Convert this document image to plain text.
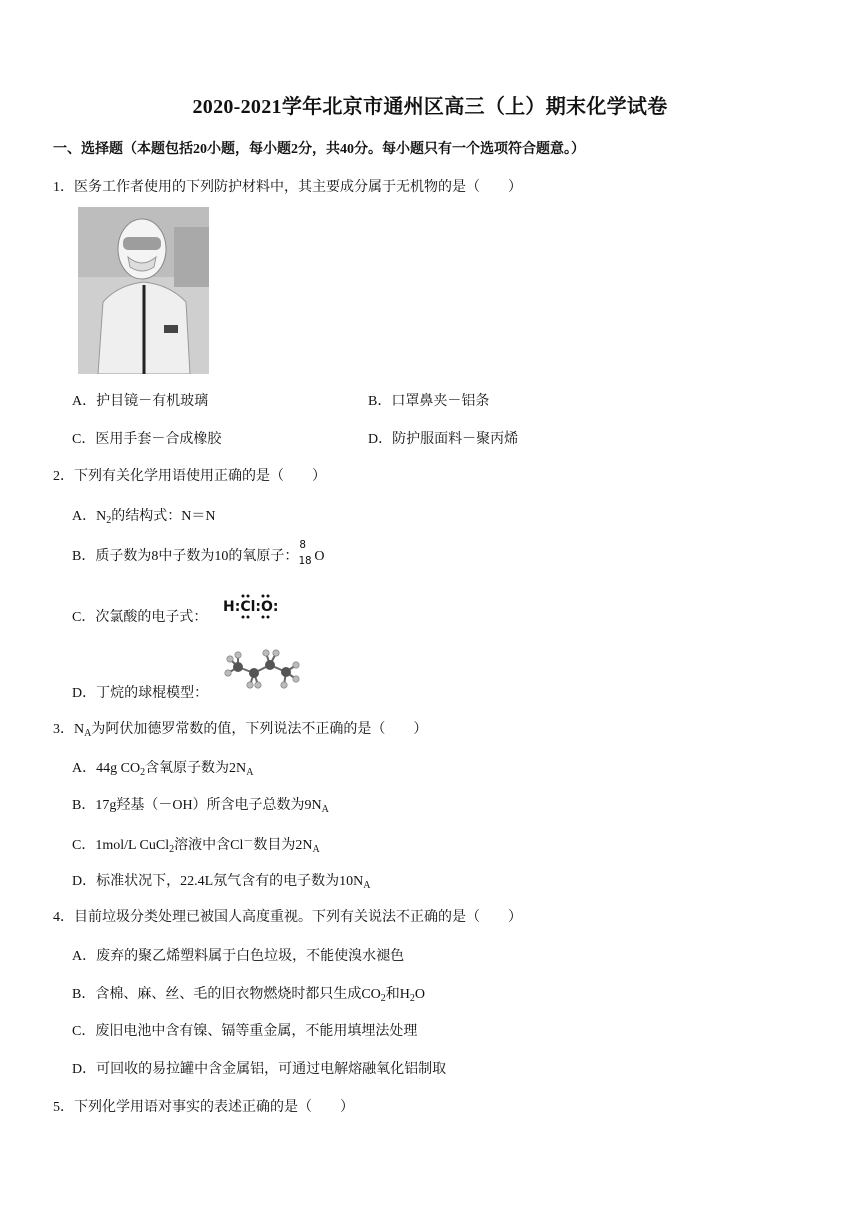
2020-2021学年北京市通州区高三（上）期末化学试卷
一、选择题（本题包括20小题，每小题2分，共40分。每小题只有一个选项符合题意。）
1．医务工作者使用的下列防护材料中，其主要成分属于无机物的是（　　）
A．护目镜－有机玻璃	B．口罩鼻夹－铝条
C．医用手套－合成橡胶	D．防护服面料－聚丙烯
2．下列有关化学用语使用正确的是（　　）
A．$N_2$的结构式：N＝N
B．质子数为8中子数为10的氧原子：
8
18 O
C．次氯酸的电子式：
H:Cl:O:
D．丁烷的球棍模型：
3．$N_A$为阿伏加德罗常数的值，下列说法不正确的是（　　）
A．44g $CO_2$含氧原子数为$2N_A$
B．17g羟基（－OH）所含电子总数为$9N_A$
C．1mol/L CuCl$_2$溶液中含Cl－数目为$2N_A$
D．标准状况下，22.4L氖气含有的电子数为$10N_A$
4．目前垃圾分类处理已被国人高度重视。下列有关说法不正确的是（　　）
A．废弃的聚乙烯塑料属于白色垃圾，不能使溴水褪色
B．含棉、麻、丝、毛的旧衣物燃烧时都只生成$CO_2$和$H_2O$
C．废旧电池中含有镍、镉等重金属，不能用填埋法处理
D．可回收的易拉罐中含金属铝，可通过电解熔融氧化铝制取
5．下列化学用语对事实的表述正确的是（　　）
